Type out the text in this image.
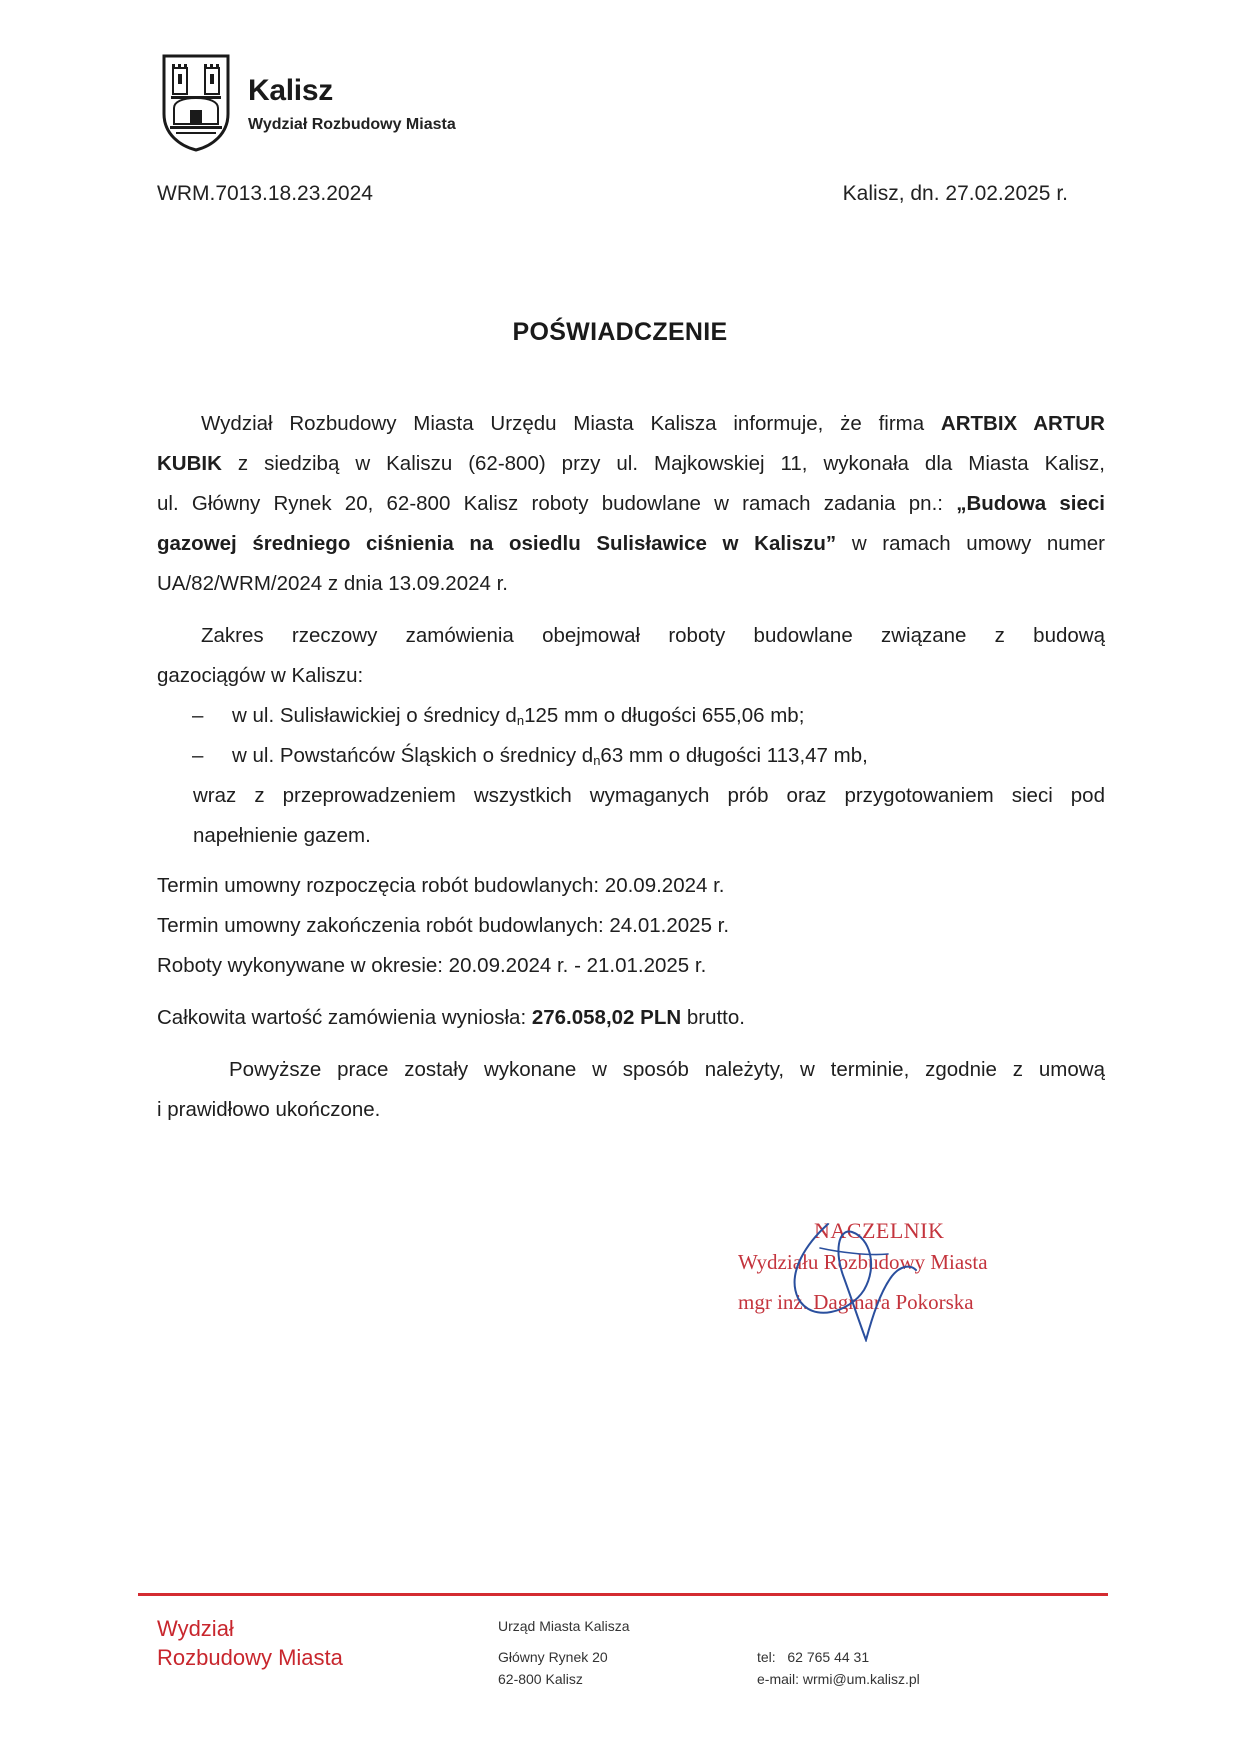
Kalisz
Wydział Rozbudowy Miasta
WRM.7013.18.23.2024	Kalisz, dn. 27.02.2025 r.
POŚWIADCZENIE
Wydział Rozbudowy Miasta Urzędu Miasta Kalisza informuje, że firma ARTBIX ARTUR
KUBIK z siedzibą w Kaliszu (62-800) przy ul. Majkowskiej 11, wykonała dla Miasta Kalisz,
ul. Główny Rynek 20, 62-800 Kalisz roboty budowlane w ramach zadania pn.: „Budowa sieci
gazowej średniego ciśnienia na osiedlu Sulisławice w Kaliszu” w ramach umowy numer
UA/82/WRM/2024 z dnia 13.09.2024 r.
Zakres rzeczowy zamówienia obejmował roboty budowlane związane z budową
gazociągów w Kaliszu:
– w ul. Sulisławickiej o średnicy $d_n125$ mm o długości 655,06 mb;
– w ul. Powstańców Śląskich o średnicy $d_n63$ mm o długości 113,47 mb,
wraz z przeprowadzeniem wszystkich wymaganych prób oraz przygotowaniem sieci pod
napełnienie gazem.
Termin umowny rozpoczęcia robót budowlanych: 20.09.2024 r.
Termin umowny zakończenia robót budowlanych: 24.01.2025 r.
Roboty wykonywane w okresie: 20.09.2024 r. - 21.01.2025 r.
Całkowita wartość zamówienia wyniosła: 276.058,02 PLN brutto.
Powyższe prace zostały wykonane w sposób należyty, w terminie, zgodnie z umową
i prawidłowo ukończone.
NACZELNIK
Wydziału Rozbudowy Miasta
mgr inż. Dagmara Pokorska
Wydział
Rozbudowy Miasta
Urząd Miasta Kalisza
Główny Rynek 20
62-800 Kalisz
tel: 62 765 44 31
e-mail: wrmi@um.kalisz.pl
